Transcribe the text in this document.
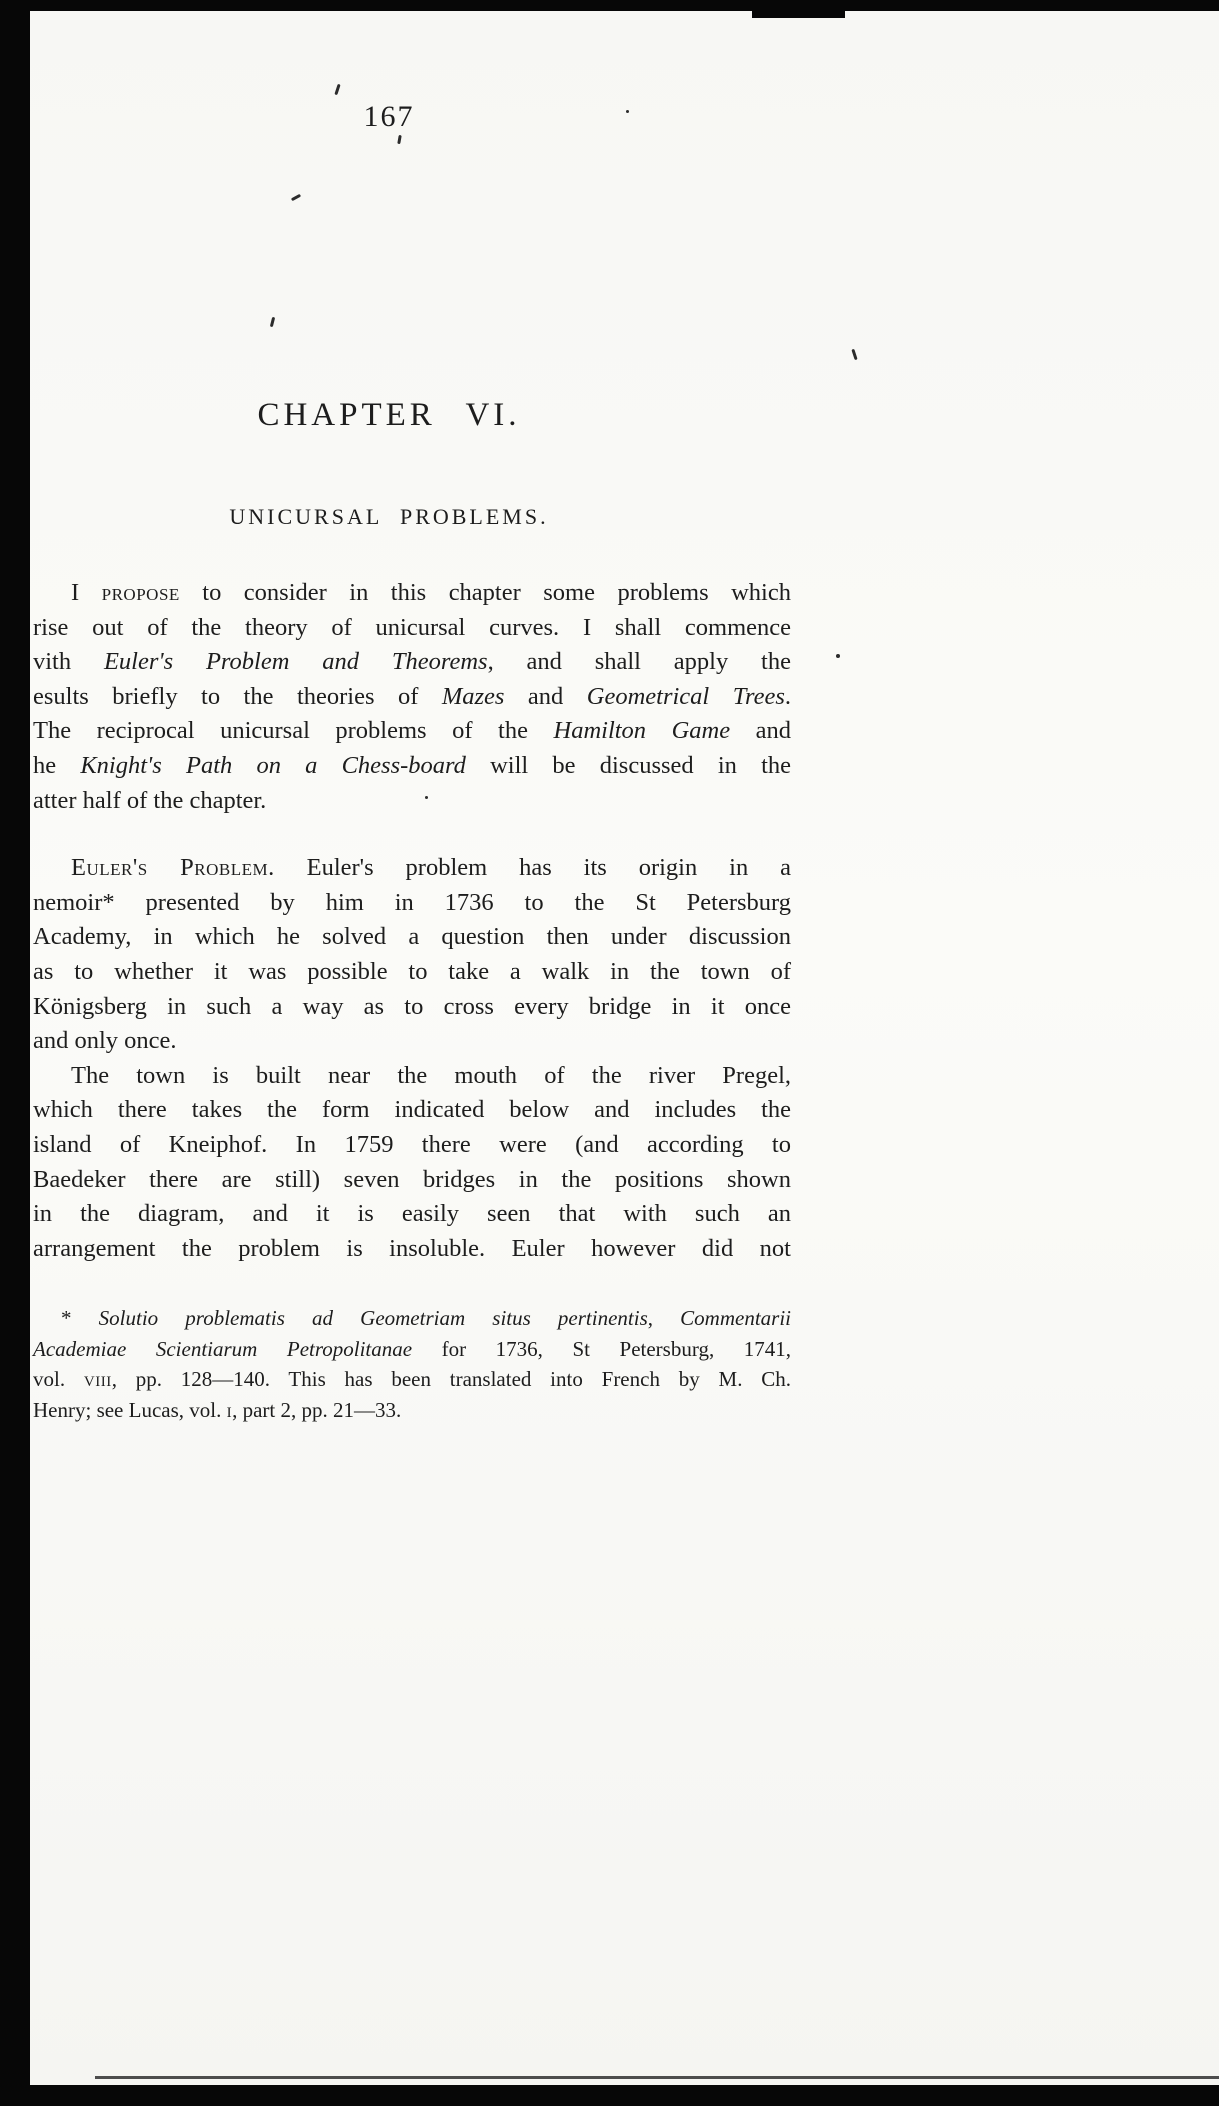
167
CHAPTER VI.
UNICURSAL PROBLEMS.
I propose to consider in this chapter some problems which
rise out of the theory of unicursal curves. I shall commence
vith Euler's Problem and Theorems, and shall apply the
esults briefly to the theories of Mazes and Geometrical Trees.
The reciprocal unicursal problems of the Hamilton Game and
he Knight's Path on a Chess-board will be discussed in the
atter half of the chapter.
Euler's Problem. Euler's problem has its origin in a
nemoir* presented by him in 1736 to the St Petersburg
Academy, in which he solved a question then under discussion
as to whether it was possible to take a walk in the town of
Königsberg in such a way as to cross every bridge in it once
and only once.
The town is built near the mouth of the river Pregel,
which there takes the form indicated below and includes the
island of Kneiphof. In 1759 there were (and according to
Baedeker there are still) seven bridges in the positions shown
in the diagram, and it is easily seen that with such an
arrangement the problem is insoluble. Euler however did not
* Solutio problematis ad Geometriam situs pertinentis, Commentarii
Academiae Scientiarum Petropolitanae for 1736, St Petersburg, 1741,
vol. viii, pp. 128—140. This has been translated into French by M. Ch.
Henry; see Lucas, vol. i, part 2, pp. 21—33.
